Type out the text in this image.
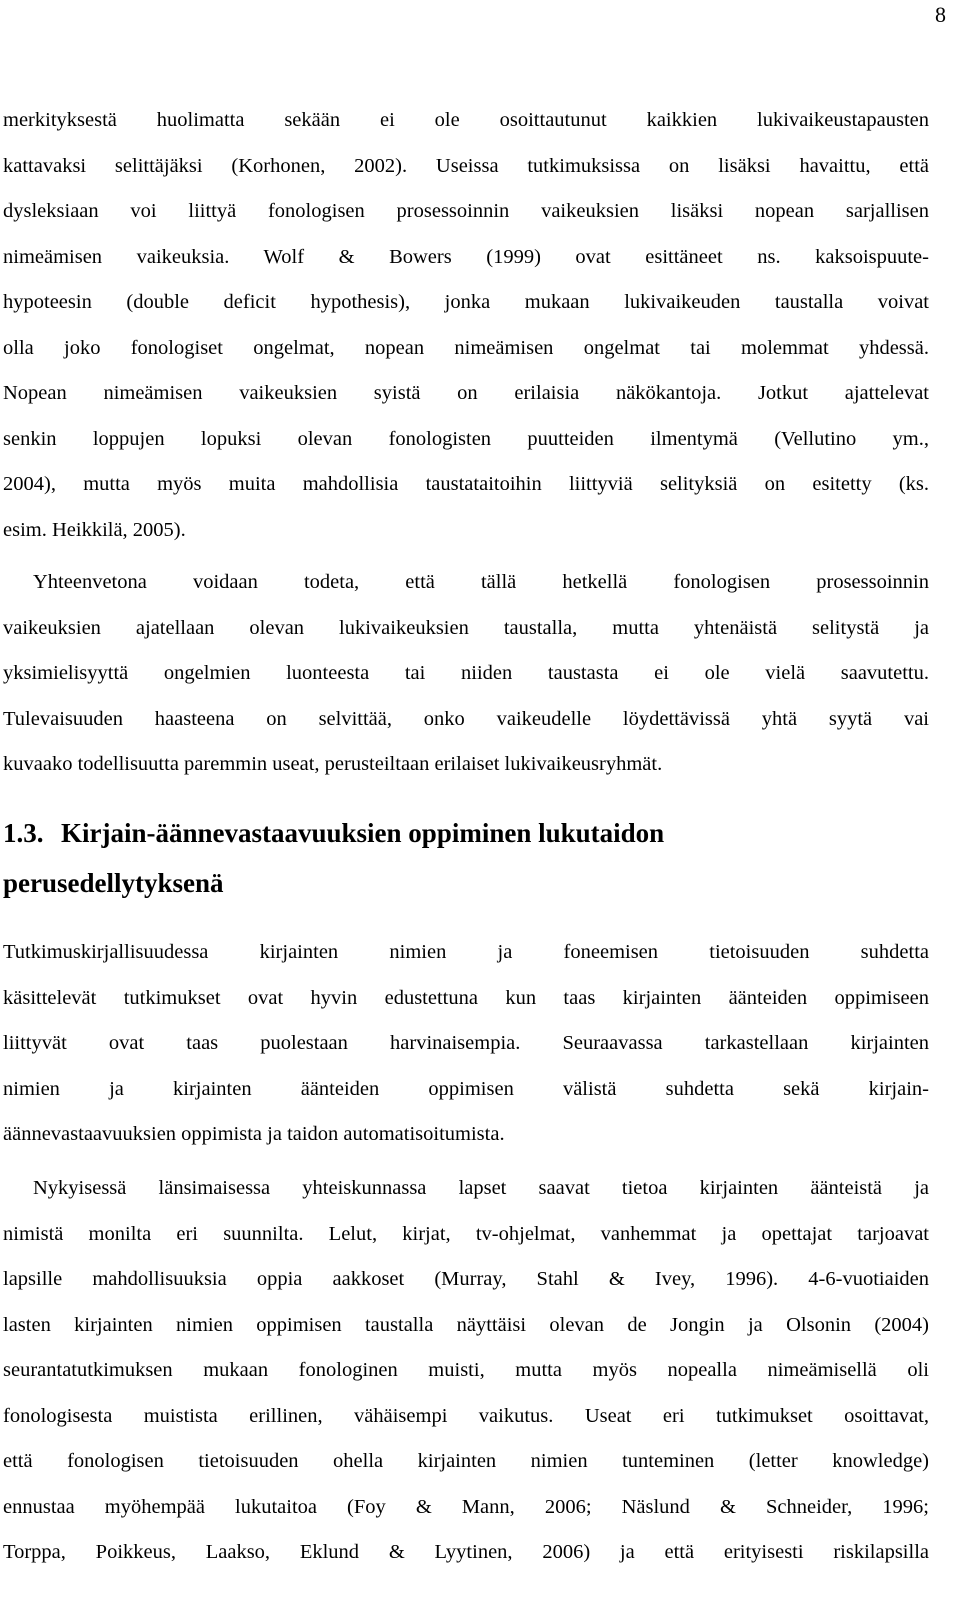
8
merkityksestä huolimatta sekään ei ole osoittautunut kaikkien lukivaikeustapausten
kattavaksi selittäjäksi (Korhonen, 2002). Useissa tutkimuksissa on lisäksi havaittu, että
dysleksiaan voi liittyä fonologisen prosessoinnin vaikeuksien lisäksi nopean sarjallisen
nimeämisen vaikeuksia. Wolf & Bowers (1999) ovat esittäneet ns. kaksoispuute-
hypoteesin (double deficit hypothesis), jonka mukaan lukivaikeuden taustalla voivat
olla joko fonologiset ongelmat, nopean nimeämisen ongelmat tai molemmat yhdessä.
Nopean nimeämisen vaikeuksien syistä on erilaisia näkökantoja. Jotkut ajattelevat
senkin loppujen lopuksi olevan fonologisten puutteiden ilmentymä (Vellutino ym.,
2004), mutta myös muita mahdollisia taustataitoihin liittyviä selityksiä on esitetty (ks.
esim. Heikkilä, 2005).
Yhteenvetona voidaan todeta, että tällä hetkellä fonologisen prosessoinnin
vaikeuksien ajatellaan olevan lukivaikeuksien taustalla, mutta yhtenäistä selitystä ja
yksimielisyyttä ongelmien luonteesta tai niiden taustasta ei ole vielä saavutettu.
Tulevaisuuden haasteena on selvittää, onko vaikeudelle löydettävissä yhtä syytä vai
kuvaako todellisuutta paremmin useat, perusteiltaan erilaiset lukivaikeusryhmät.
1.3. Kirjain-äännevastaavuuksien oppiminen lukutaidon
perusedellytyksenä
Tutkimuskirjallisuudessa kirjainten nimien ja foneemisen tietoisuuden suhdetta
käsittelevät tutkimukset ovat hyvin edustettuna kun taas kirjainten äänteiden oppimiseen
liittyvät ovat taas puolestaan harvinaisempia. Seuraavassa tarkastellaan kirjainten
nimien ja kirjainten äänteiden oppimisen välistä suhdetta sekä kirjain-
äännevastaavuuksien oppimista ja taidon automatisoitumista.
Nykyisessä länsimaisessa yhteiskunnassa lapset saavat tietoa kirjainten äänteistä ja
nimistä monilta eri suunnilta. Lelut, kirjat, tv-ohjelmat, vanhemmat ja opettajat tarjoavat
lapsille mahdollisuuksia oppia aakkoset (Murray, Stahl & Ivey, 1996). 4-6-vuotiaiden
lasten kirjainten nimien oppimisen taustalla näyttäisi olevan de Jongin ja Olsonin (2004)
seurantatutkimuksen mukaan fonologinen muisti, mutta myös nopealla nimeämisellä oli
fonologisesta muistista erillinen, vähäisempi vaikutus. Useat eri tutkimukset osoittavat,
että fonologisen tietoisuuden ohella kirjainten nimien tunteminen (letter knowledge)
ennustaa myöhempää lukutaitoa (Foy & Mann, 2006; Näslund & Schneider, 1996;
Torppa, Poikkeus, Laakso, Eklund & Lyytinen, 2006) ja että erityisesti riskilapsilla
